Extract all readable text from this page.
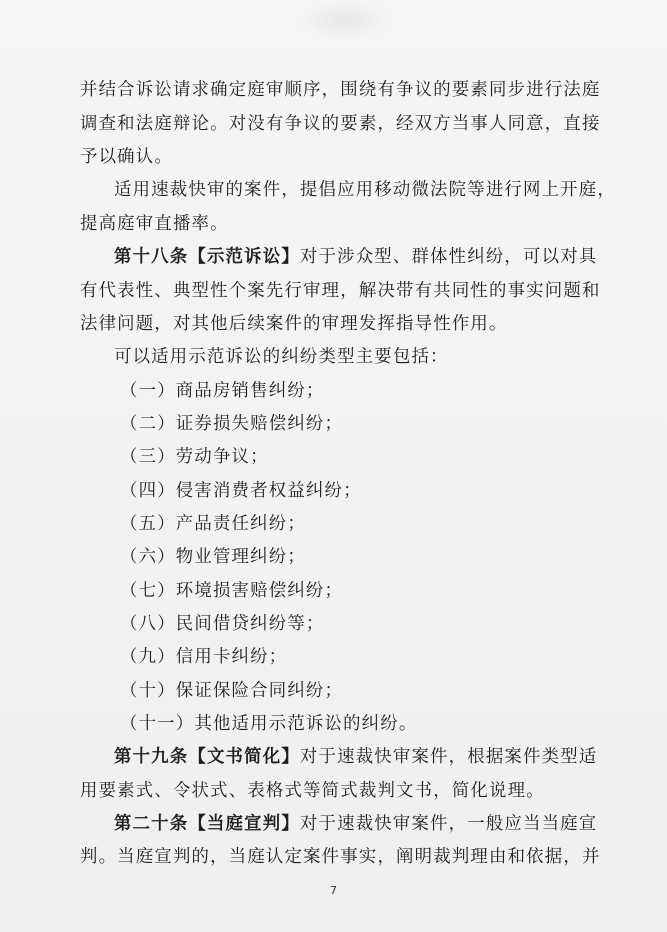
并结合诉讼请求确定庭审顺序，围绕有争议的要素同步进行法庭
调查和法庭辩论。对没有争议的要素，经双方当事人同意，直接
予以确认。
适用速裁快审的案件，提倡应用移动微法院等进行网上开庭，
提高庭审直播率。
第十八条【示范诉讼】对于涉众型、群体性纠纷，可以对具
有代表性、典型性个案先行审理，解决带有共同性的事实问题和
法律问题，对其他后续案件的审理发挥指导性作用。
可以适用示范诉讼的纠纷类型主要包括：
（一）商品房销售纠纷；
（二）证券损失赔偿纠纷；
（三）劳动争议；
（四）侵害消费者权益纠纷；
（五）产品责任纠纷；
（六）物业管理纠纷；
（七）环境损害赔偿纠纷；
（八）民间借贷纠纷等；
（九）信用卡纠纷；
（十）保证保险合同纠纷；
（十一）其他适用示范诉讼的纠纷。
第十九条【文书简化】对于速裁快审案件，根据案件类型适
用要素式、令状式、表格式等简式裁判文书，简化说理。
第二十条【当庭宣判】对于速裁快审案件，一般应当当庭宣
判。当庭宣判的，当庭认定案件事实，阐明裁判理由和依据，并
7
